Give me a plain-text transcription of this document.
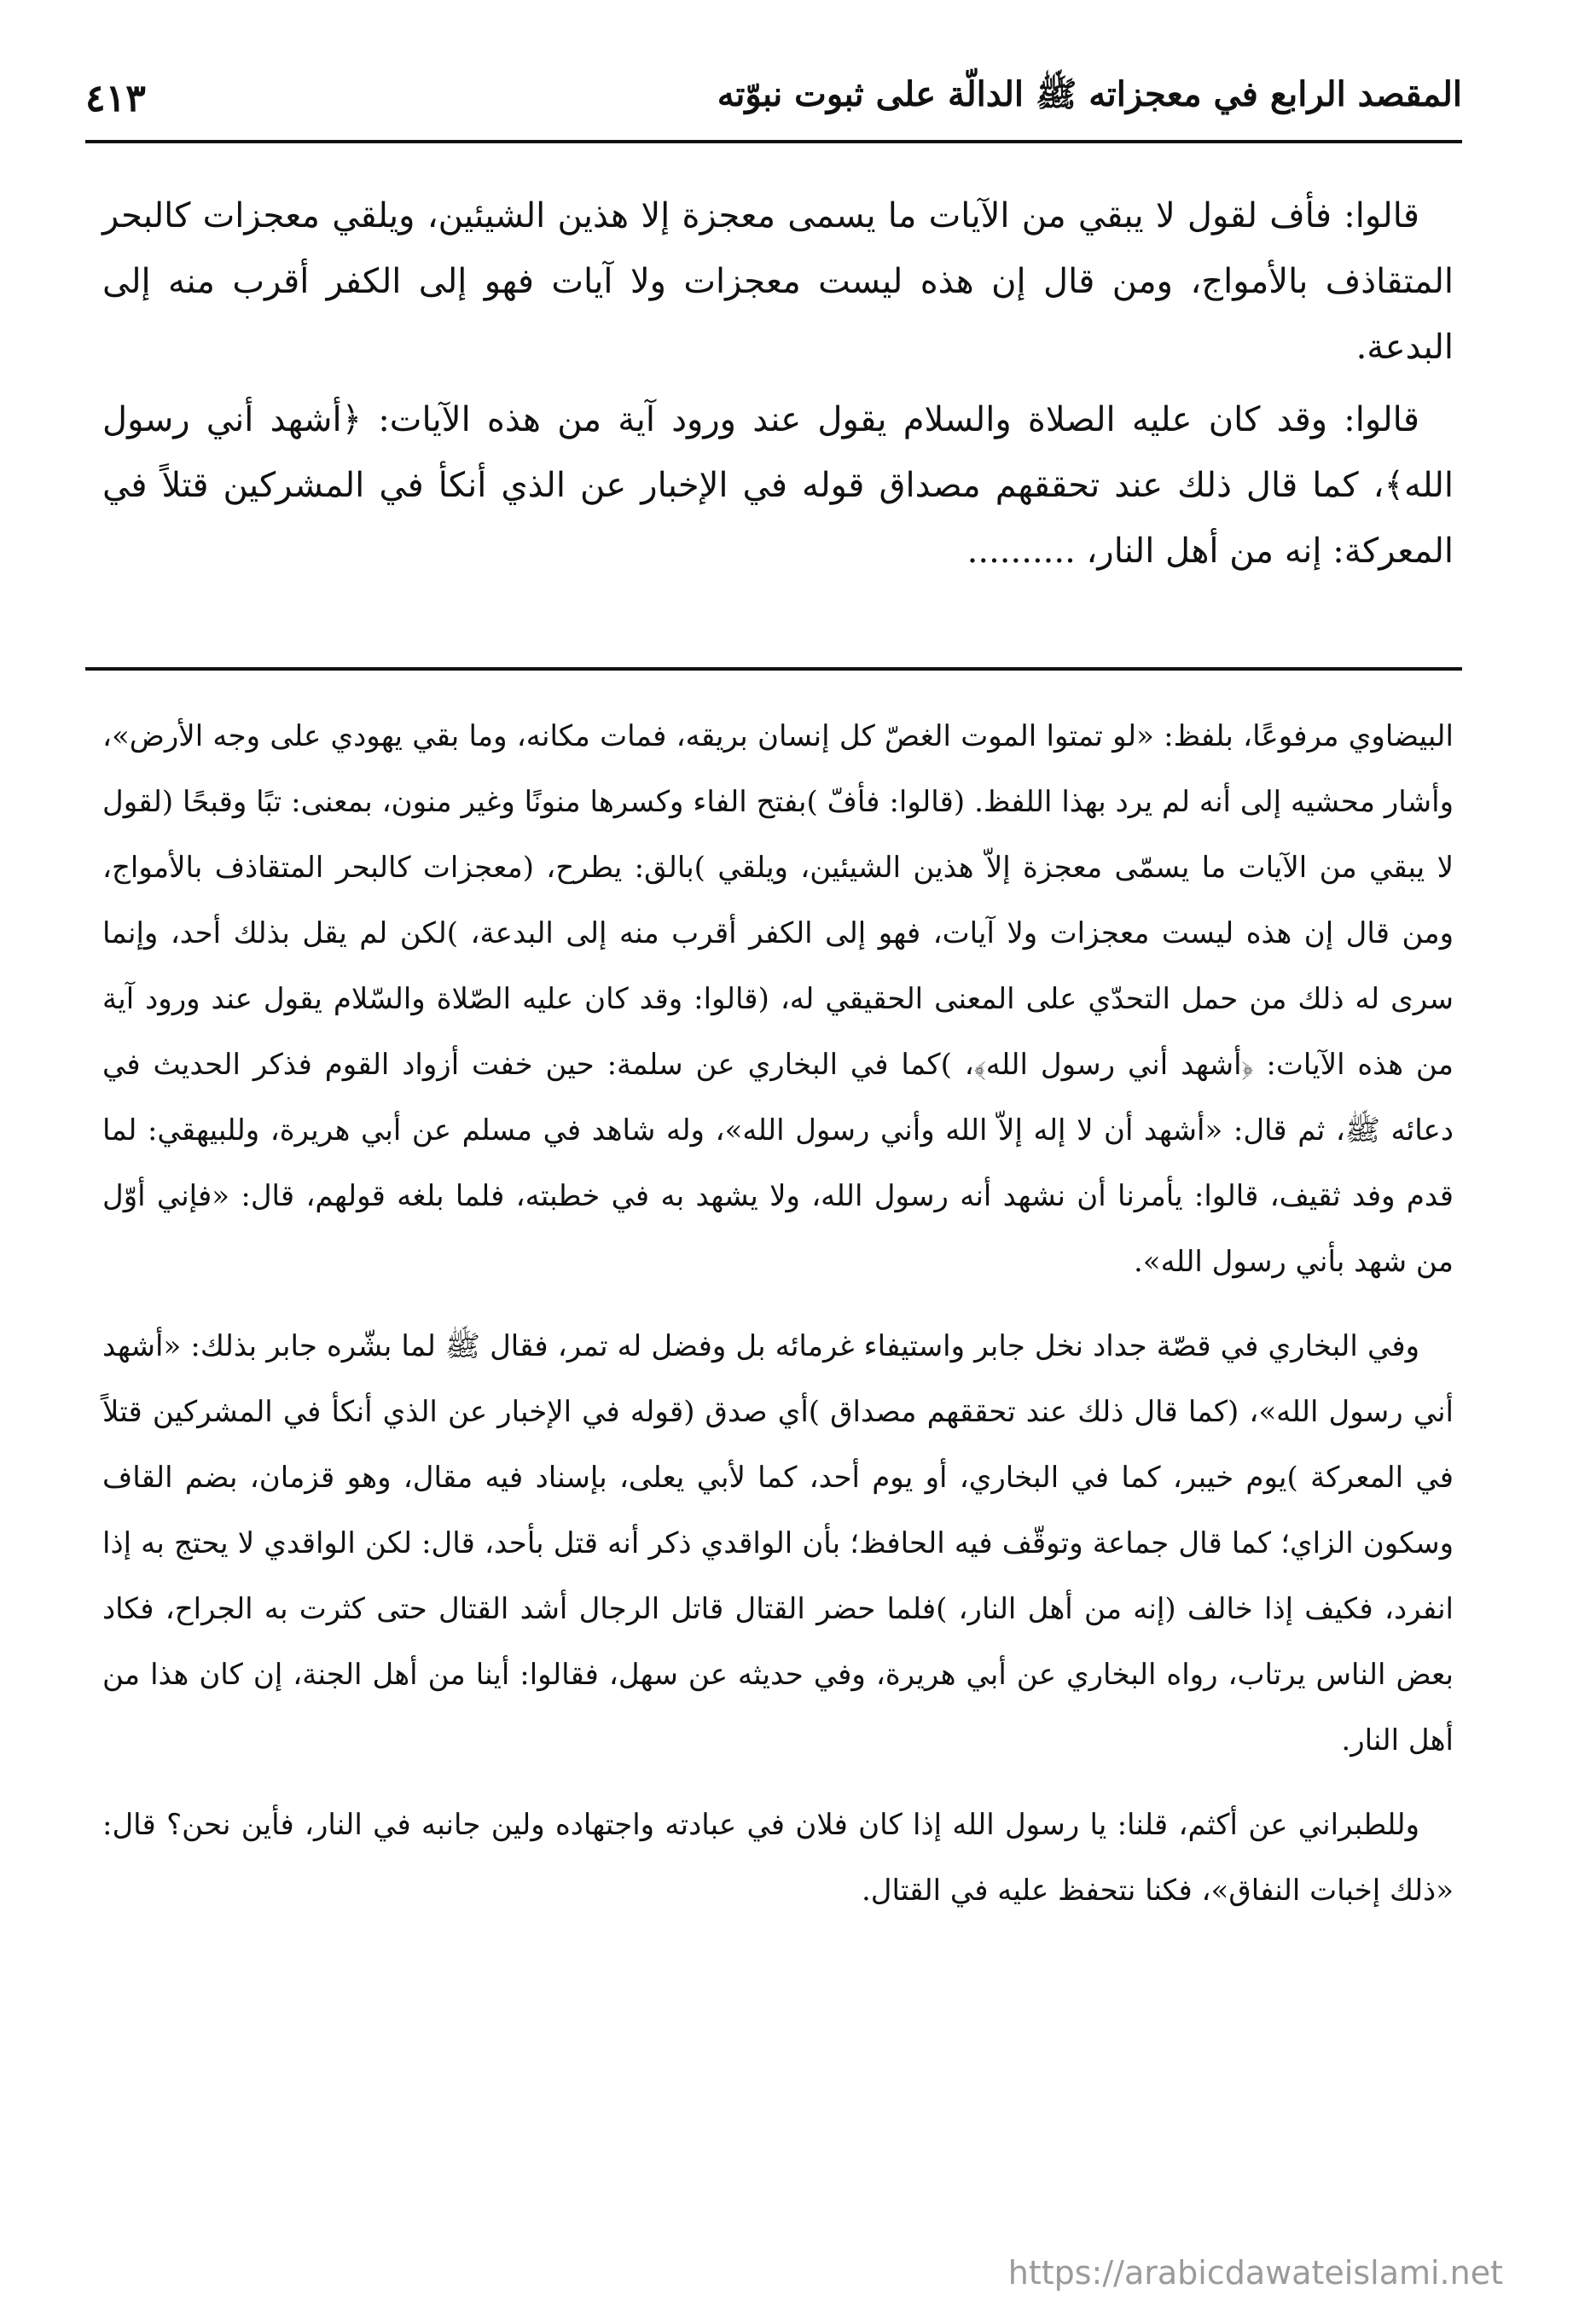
المقصد الرابع في معجزاته ﷺ الدالّة على ثبوت نبوّته
٤١٣

قالوا: فأف لقول لا يبقي من الآيات ما يسمى معجزة إلا هذين الشيئين، ويلقي معجزات كالبحر المتقاذف بالأمواج، ومن قال إن هذه ليست معجزات ولا آيات فهو إلى الكفر أقرب منه إلى البدعة.

قالوا: وقد كان عليه الصلاة والسلام يقول عند ورود آية من هذه الآيات: ﴿أشهد أني رسول الله﴾، كما قال ذلك عند تحققهم مصداق قوله في الإخبار عن الذي أنكأ في المشركين قتلاً في المعركة: إنه من أهل النار، ..........

البيضاوي مرفوعًا، بلفظ: «لو تمتوا الموت الغصّ كل إنسان بريقه، فمات مكانه، وما بقي يهودي على وجه الأرض»، وأشار محشيه إلى أنه لم يرد بهذا اللفظ. (قالوا: فأفّ )بفتح الفاء وكسرها منونًا وغير منون، بمعنى: تبًا وقبحًا (لقول لا يبقي من الآيات ما يسمّى معجزة إلاّ هذين الشيئين، ويلقي )بالق: يطرح، (معجزات كالبحر المتقاذف بالأمواج، ومن قال إن هذه ليست معجزات ولا آيات، فهو إلى الكفر أقرب منه إلى البدعة، )لكن لم يقل بذلك أحد، وإنما سرى له ذلك من حمل التحدّي على المعنى الحقيقي له، (قالوا: وقد كان عليه الصّلاة والسّلام يقول عند ورود آية من هذه الآيات: ﴿أشهد أني رسول الله﴾، )كما في البخاري عن سلمة: حين خفت أزواد القوم فذكر الحديث في دعائه ﷺ، ثم قال: «أشهد أن لا إله إلاّ الله وأني رسول الله»، وله شاهد في مسلم عن أبي هريرة، وللبيهقي: لما قدم وفد ثقيف، قالوا: يأمرنا أن نشهد أنه رسول الله، ولا يشهد به في خطبته، فلما بلغه قولهم، قال: «فإني أوّل من شهد بأني رسول الله».

وفي البخاري في قصّة جداد نخل جابر واستيفاء غرمائه بل وفضل له تمر، فقال ﷺ لما بشّره جابر بذلك: «أشهد أني رسول الله»، (كما قال ذلك عند تحققهم مصداق )أي صدق (قوله في الإخبار عن الذي أنكأ في المشركين قتلاً في المعركة )يوم خيبر، كما في البخاري، أو يوم أحد، كما لأبي يعلى، بإسناد فيه مقال، وهو قزمان، بضم القاف وسكون الزاي؛ كما قال جماعة وتوقّف فيه الحافظ؛ بأن الواقدي ذكر أنه قتل بأحد، قال: لكن الواقدي لا يحتج به إذا انفرد، فكيف إذا خالف (إنه من أهل النار، )فلما حضر القتال قاتل الرجال أشد القتال حتى كثرت به الجراح، فكاد بعض الناس يرتاب، رواه البخاري عن أبي هريرة، وفي حديثه عن سهل، فقالوا: أينا من أهل الجنة، إن كان هذا من أهل النار.

وللطبراني عن أكثم، قلنا: يا رسول الله إذا كان فلان في عبادته واجتهاده ولين جانبه في النار، فأين نحن؟ قال: «ذلك إخبات النفاق»، فكنا نتحفظ عليه في القتال.

https://arabicdawateislami.net
